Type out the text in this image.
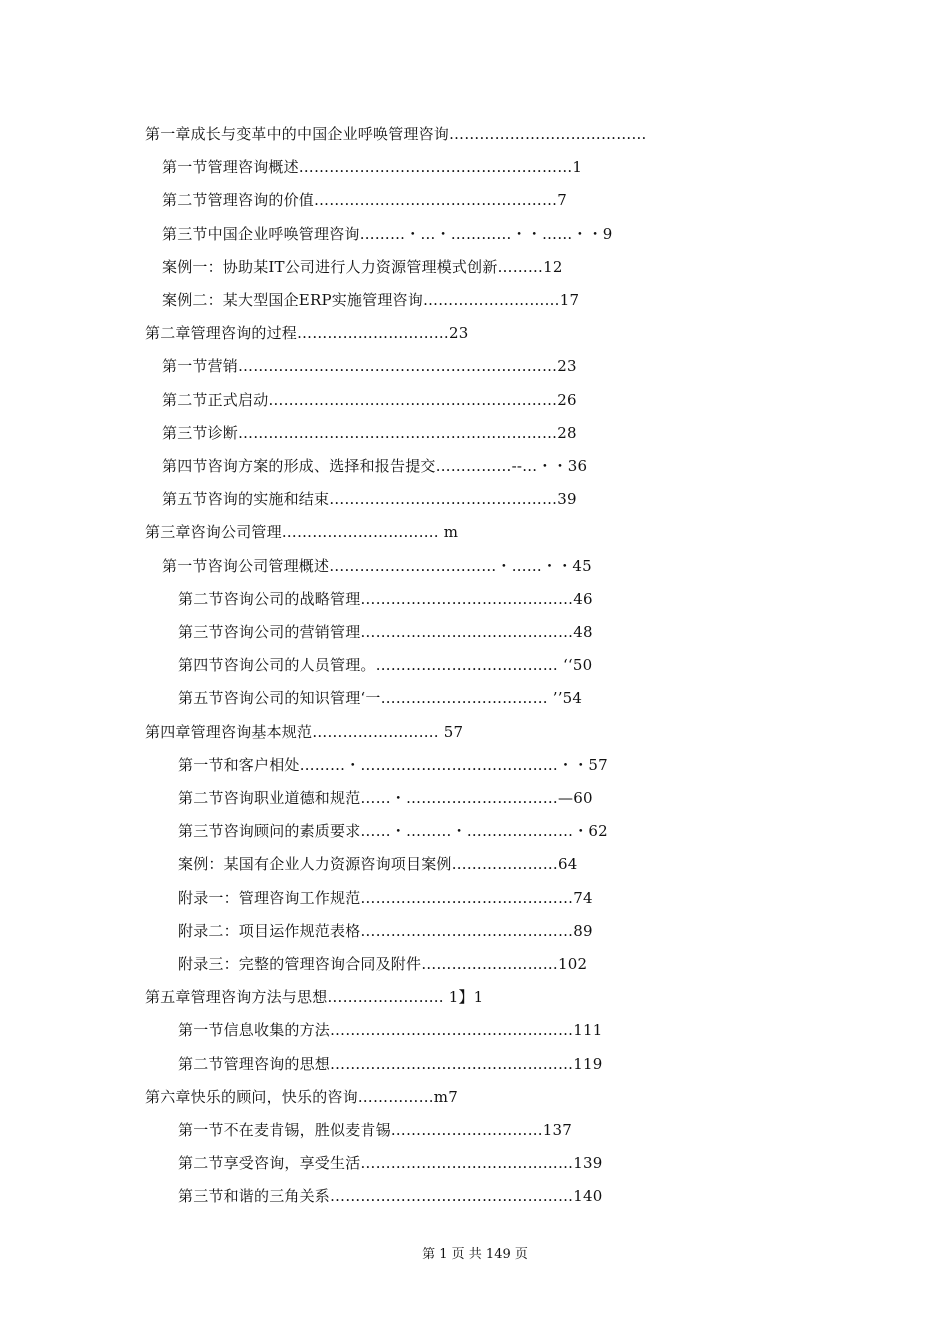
第一章成长与变革中的中国企业呼唤管理咨询…………………………………
第一节管理咨询概述………………………………………………1
第二节管理咨询的价值…………………………………………7
第三节中国企业呼唤管理咨询………・…・…………・・……・・9
案例一：协助某IT公司进行人力资源管理模式创新………12
案例二：某大型国企ERP实施管理咨询………………………17
第二章管理咨询的过程…………………………23
第一节营销………………………………………………………23
第二节正式启动…………………………………………………26
第三节诊断………………………………………………………28
第四节咨询方案的形成、选择和报告提交……………--…・・36
第五节咨询的实施和结束………………………………………39
第三章咨询公司管理…………………………. m
第一节咨询公司管理概述……………………………・……・・45
第二节咨询公司的战略管理……………………………………46
第三节咨询公司的营销管理……………………………………48
第四节咨询公司的人员管理。……………………………… ‘‘50
第五节咨询公司的知识管理‘一…………………………… ’’54
第四章管理咨询基本规范……………………. 57
第一节和客户相处………・…………………………………・・57
第二节咨询职业道德和规范……・…………………………—60
第三节咨询顾问的素质要求……・………・…………………・62
案例：某国有企业人力资源咨询项目案例…………………64
附录一：管理咨询工作规范……………………………………74
附录二：项目运作规范表格……………………………………89
附录三：完整的管理咨询合同及附件………………………102
第五章管理咨询方法与思想………………….. 1】1
第一节信息收集的方法…………………………………………111
第二节管理咨询的思想…………………………………………119
第六章快乐的顾问，快乐的咨询……………m7
第一节不在麦肯锡，胜似麦肯锡…………………………137
第二节享受咨询，享受生活……………………………………139
第三节和谐的三角关系…………………………………………140
第 1 页 共 149 页
